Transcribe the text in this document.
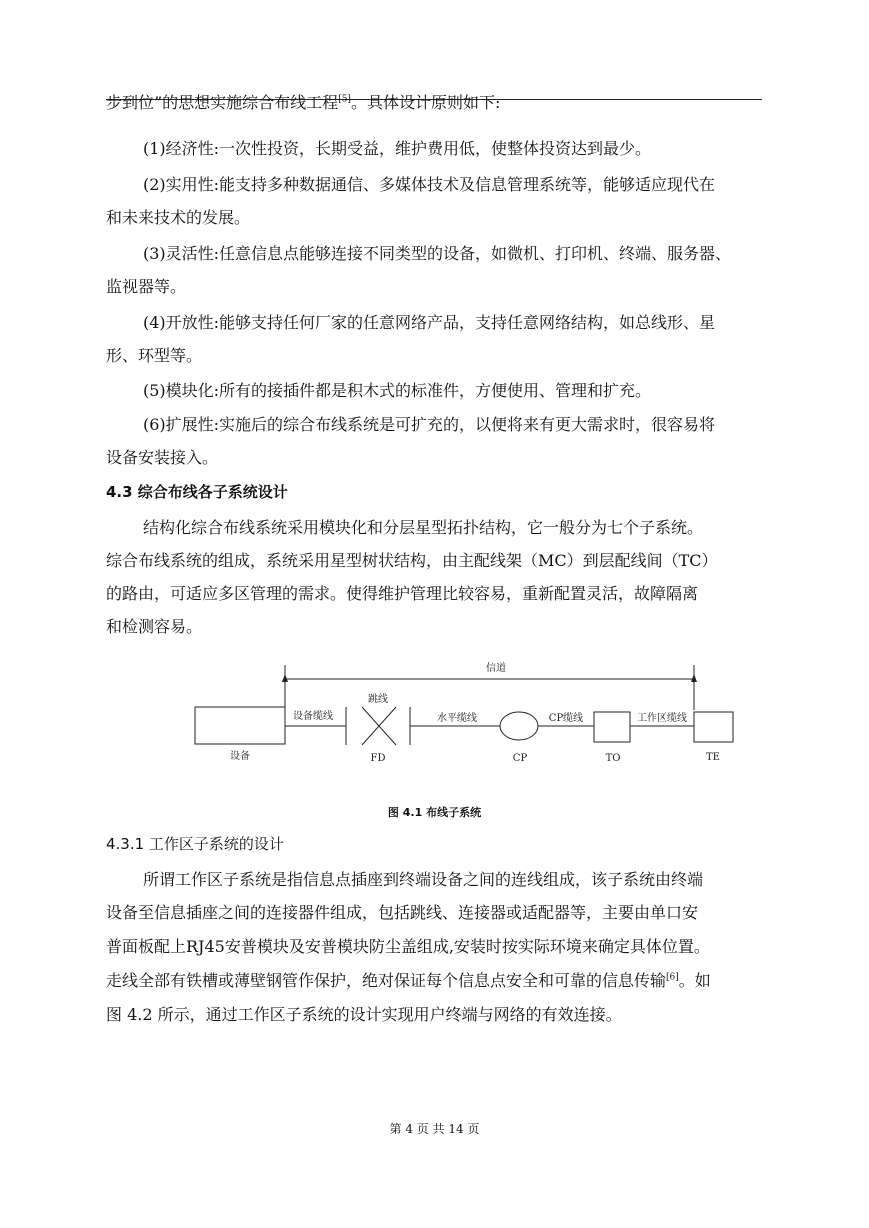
步到位”的思想实施综合布线工程[5]。具体设计原则如下:
(1)经济性:一次性投资，长期受益，维护费用低，使整体投资达到最少。
(2)实用性:能支持多种数据通信、多媒体技术及信息管理系统等，能够适应现代在
和未来技术的发展。
(3)灵活性:任意信息点能够连接不同类型的设备，如微机、打印机、终端、服务器、
监视器等。
(4)开放性:能够支持任何厂家的任意网络产品，支持任意网络结构，如总线形、星
形、环型等。
(5)模块化:所有的接插件都是积木式的标准件，方便使用、管理和扩充。
(6)扩展性:实施后的综合布线系统是可扩充的，以便将来有更大需求时，很容易将
设备安装接入。
4.3 综合布线各子系统设计
结构化综合布线系统采用模块化和分层星型拓扑结构，它一般分为七个子系统。
综合布线系统的组成，系统采用星型树状结构，由主配线架（MC）到层配线间（TC）
的路由，可适应多区管理的需求。使得维护管理比较容易，重新配置灵活，故障隔离
和检测容易。
信道
设备
设备缆线
跳线
FD
水平缆线
CP
CP缆线
TO
工作区缆线
TE
图 4.1 布线子系统
4.3.1 工作区子系统的设计
所谓工作区子系统是指信息点插座到终端设备之间的连线组成，该子系统由终端
设备至信息插座之间的连接器件组成，包括跳线、连接器或适配器等，主要由单口安
普面板配上RJ45安普模块及安普模块防尘盖组成,安装时按实际环境来确定具体位置。
走线全部有铁槽或薄壁钢管作保护，绝对保证每个信息点安全和可靠的信息传输[6]。如
图 4.2 所示，通过工作区子系统的设计实现用户终端与网络的有效连接。
第 4 页 共 14 页
